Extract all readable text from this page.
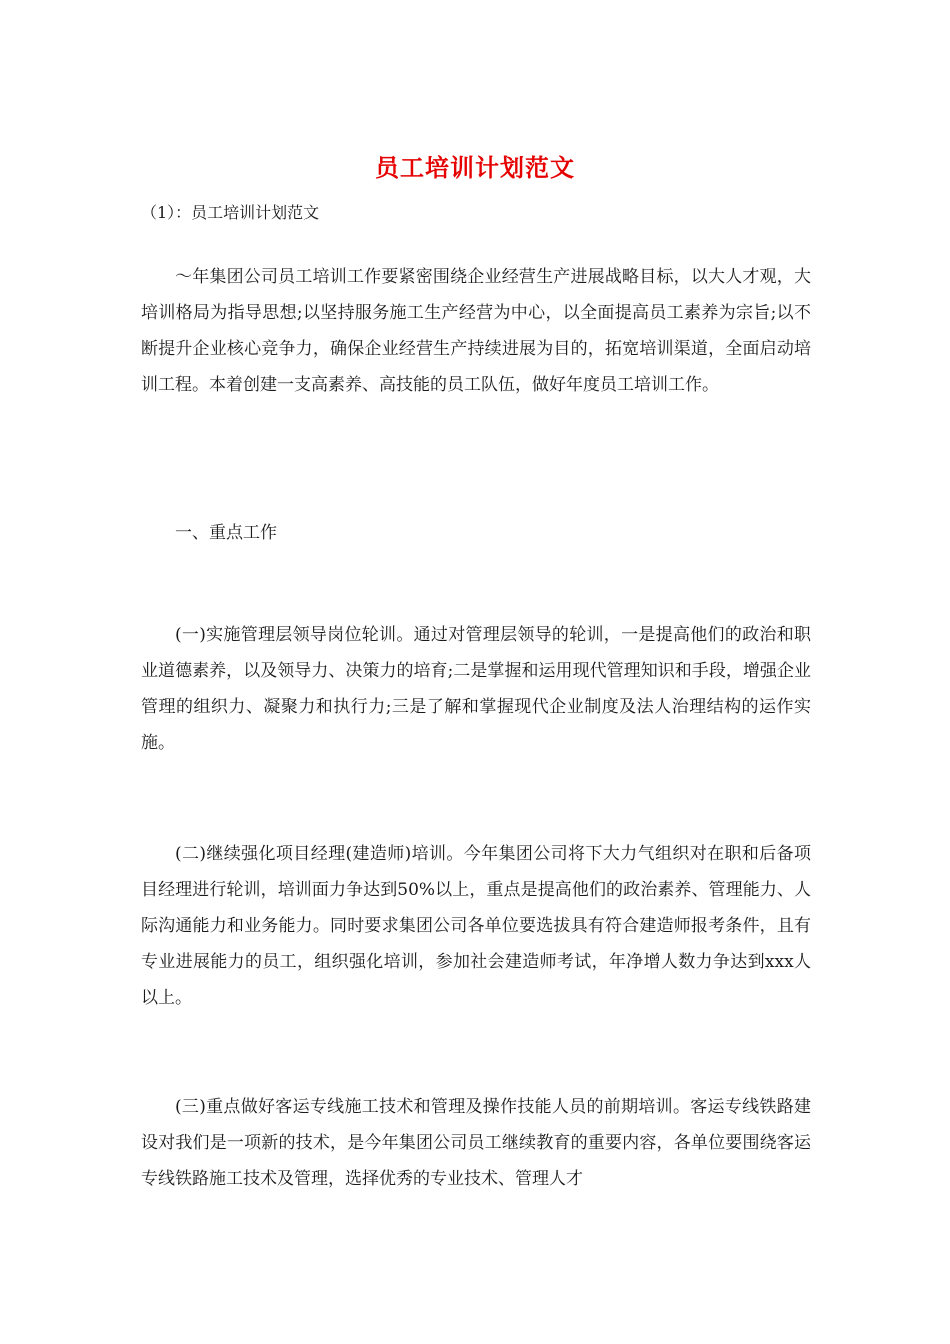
员工培训计划范文
（1）：员工培训计划范文

～年集团公司员工培训工作要紧密围绕企业经营生产进展战略目标，以大人才观，大培训格局为指导思想;以坚持服务施工生产经营为中心，以全面提高员工素养为宗旨;以不断提升企业核心竞争力，确保企业经营生产持续进展为目的，拓宽培训渠道，全面启动培训工程。本着创建一支高素养、高技能的员工队伍，做好年度员工培训工作。

一、重点工作

(一)实施管理层领导岗位轮训。通过对管理层领导的轮训，一是提高他们的政治和职业道德素养，以及领导力、决策力的培育;二是掌握和运用现代管理知识和手段，增强企业管理的组织力、凝聚力和执行力;三是了解和掌握现代企业制度及法人治理结构的运作实施。

(二)继续强化项目经理(建造师)培训。今年集团公司将下大力气组织对在职和后备项目经理进行轮训，培训面力争达到50%以上，重点是提高他们的政治素养、管理能力、人际沟通能力和业务能力。同时要求集团公司各单位要选拔具有符合建造师报考条件，且有专业进展能力的员工，组织强化培训，参加社会建造师考试，年净增人数力争达到xxx人以上。

(三)重点做好客运专线施工技术和管理及操作技能人员的前期培训。客运专线铁路建设对我们是一项新的技术，是今年集团公司员工继续教育的重要内容，各单位要围绕客运专线铁路施工技术及管理，选择优秀的专业技术、管理人才
